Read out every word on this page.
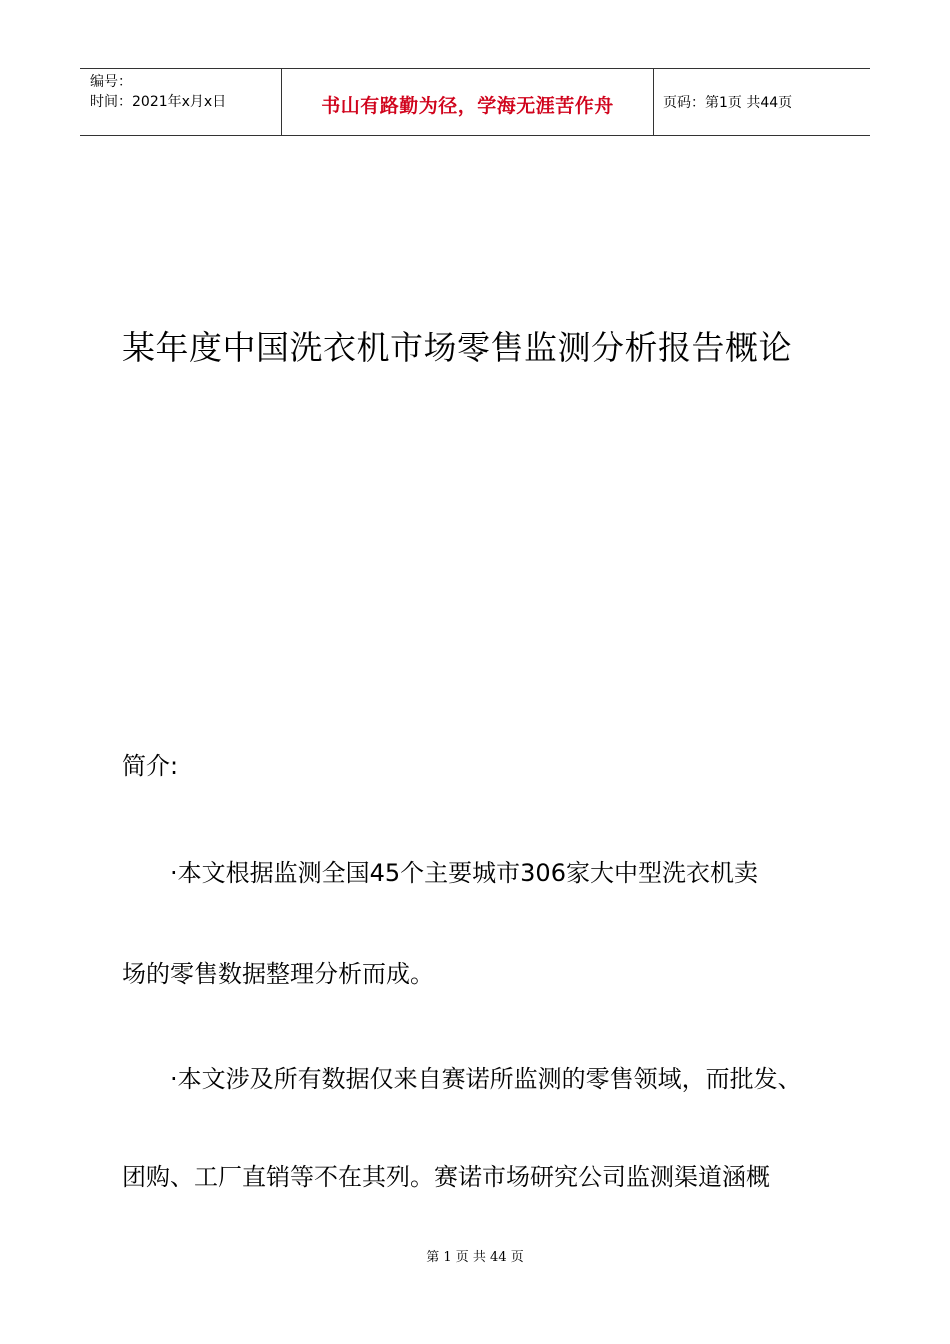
编号：
时间：2021年x月x日	书山有路勤为径，学海无涯苦作舟	页码：第1页 共44页
某年度中国洗衣机市场零售监测分析报告概论
简介:
·本文根据监测全国45个主要城市306家大中型洗衣机卖
场的零售数据整理分析而成。
·本文涉及所有数据仅来自赛诺所监测的零售领域，而批发、
团购、工厂直销等不在其列。赛诺市场研究公司监测渠道涵概
第 1 页 共 44 页
